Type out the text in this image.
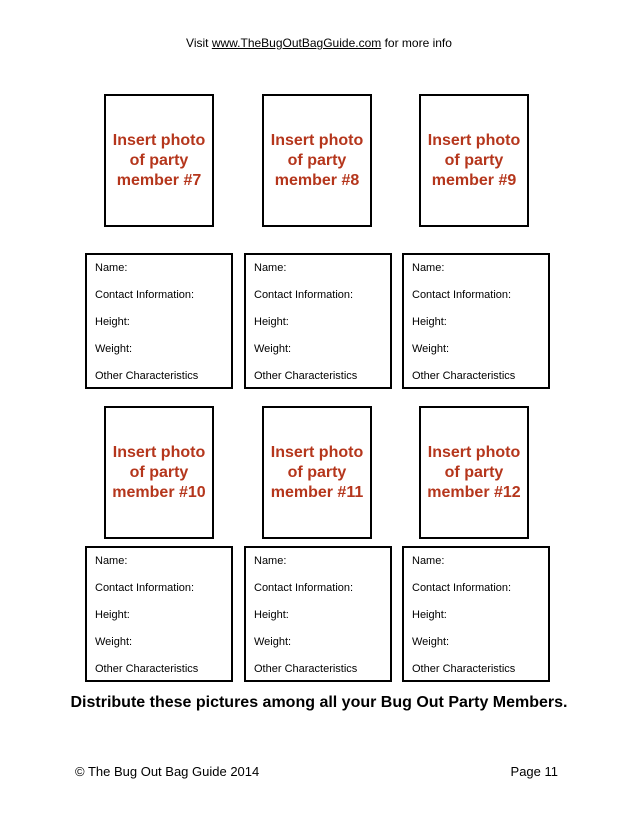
Visit www.TheBugOutBagGuide.com for more info
Insert photo of party member #7
Insert photo of party member #8
Insert photo of party member #9
Name:
Contact Information:
Height:
Weight:
Other Characteristics
Name:
Contact Information:
Height:
Weight:
Other Characteristics
Name:
Contact Information:
Height:
Weight:
Other Characteristics
Insert photo of party member #10
Insert photo of party member #11
Insert photo of party member #12
Name:
Contact Information:
Height:
Weight:
Other Characteristics
Name:
Contact Information:
Height:
Weight:
Other Characteristics
Name:
Contact Information:
Height:
Weight:
Other Characteristics
Distribute these pictures among all your Bug Out Party Members.
© The Bug Out Bag Guide 2014	Page 11
